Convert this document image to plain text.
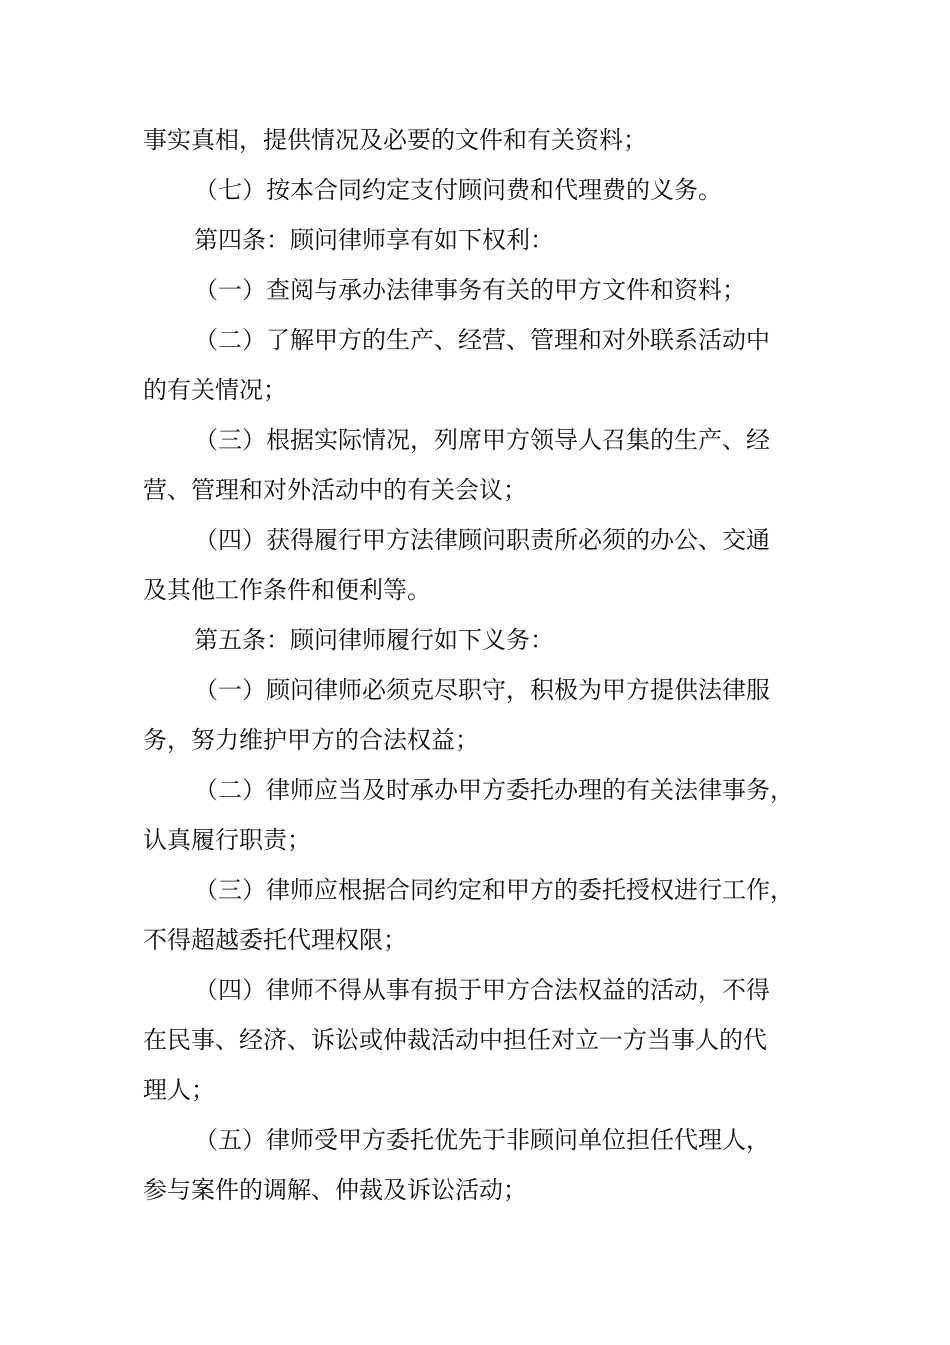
事实真相，提供情况及必要的文件和有关资料；
（七）按本合同约定支付顾问费和代理费的义务。
第四条：顾问律师享有如下权利：
（一）查阅与承办法律事务有关的甲方文件和资料；
（二）了解甲方的生产、经营、管理和对外联系活动中
的有关情况；
（三）根据实际情况，列席甲方领导人召集的生产、经
营、管理和对外活动中的有关会议；
（四）获得履行甲方法律顾问职责所必须的办公、交通
及其他工作条件和便利等。
第五条：顾问律师履行如下义务：
（一）顾问律师必须克尽职守，积极为甲方提供法律服
务，努力维护甲方的合法权益；
（二）律师应当及时承办甲方委托办理的有关法律事务，
认真履行职责；
（三）律师应根据合同约定和甲方的委托授权进行工作，
不得超越委托代理权限；
（四）律师不得从事有损于甲方合法权益的活动，不得
在民事、经济、诉讼或仲裁活动中担任对立一方当事人的代
理人；
（五）律师受甲方委托优先于非顾问单位担任代理人，
参与案件的调解、仲裁及诉讼活动；
